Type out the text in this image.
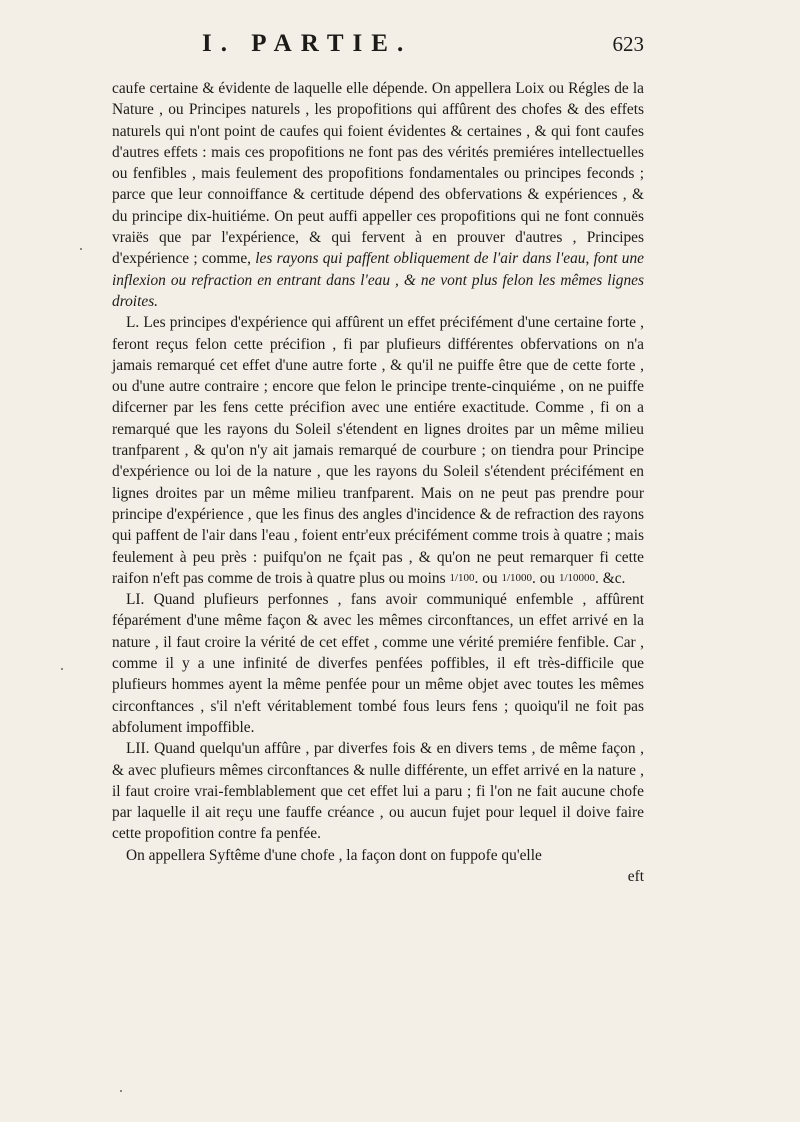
I. PARTIE.	623

caufe certaine & évidente de laquelle elle dépende. On appellera Loix ou Régles de la Nature , ou Principes naturels , les propofitions qui affûrent des chofes & des effets naturels qui n'ont point de caufes qui foient évidentes & certaines , & qui font caufes d'autres effets : mais ces propofitions ne font pas des vérités premiéres intellectuelles ou fenfibles , mais feulement des propofitions fondamentales ou principes feconds ; parce que leur connoiffance & certitude dépend des obfervations & expériences , & du principe dix-huitiéme. On peut auffi appeller ces propofitions qui ne font connuës vraiës que par l'expérience, & qui fervent à en prouver d'autres , Principes d'expérience ; comme, les rayons qui paffent obliquement de l'air dans l'eau, font une inflexion ou refraction en entrant dans l'eau , & ne vont plus felon les mêmes lignes droites.

L. Les principes d'expérience qui affûrent un effet précifément d'une certaine forte , feront reçus felon cette précifion , fi par plufieurs différentes obfervations on n'a jamais remarqué cet effet d'une autre forte , & qu'il ne puiffe être que de cette forte , ou d'une autre contraire ; encore que felon le principe trente-cinquiéme , on ne puiffe difcerner par les fens cette précifion avec une entiére exactitude. Comme , fi on a remarqué que les rayons du Soleil s'étendent en lignes droites par un même milieu tranfparent , & qu'on n'y ait jamais remarqué de courbure ; on tiendra pour Principe d'expérience ou loi de la nature , que les rayons du Soleil s'étendent précifément en lignes droites par un même milieu tranfparent. Mais on ne peut pas prendre pour principe d'expérience , que les finus des angles d'incidence & de refraction des rayons qui paffent de l'air dans l'eau , foient entr'eux précifément comme trois à quatre ; mais feulement à peu près : puifqu'on ne fçait pas , & qu'on ne peut remarquer fi cette raifon n'eft pas comme de trois à quatre plus ou moins 1/100. ou 1/1000. ou 1/10000. &c.

LI. Quand plufieurs perfonnes , fans avoir communiqué enfemble , affûrent féparément d'une même façon & avec les mêmes circonftances, un effet arrivé en la nature , il faut croire la vérité de cet effet , comme une vérité premiére fenfible. Car , comme il y a une infinité de diverfes penfées poffibles, il eft très-difficile que plufieurs hommes ayent la même penfée pour un même objet avec toutes les mêmes circonftances , s'il n'eft véritablement tombé fous leurs fens ; quoiqu'il ne foit pas abfolument impoffible.

LII. Quand quelqu'un affûre , par diverfes fois & en divers tems , de même façon , & avec plufieurs mêmes circonftances & nulle différente, un effet arrivé en la nature , il faut croire vrai-femblablement que cet effet lui a paru ; fi l'on ne fait aucune chofe par laquelle il ait reçu une fauffe créance , ou aucun fujet pour lequel il doive faire cette propofition contre fa penfée.

On appellera Syftême d'une chofe , la façon dont on fuppofe qu'elle

eft
